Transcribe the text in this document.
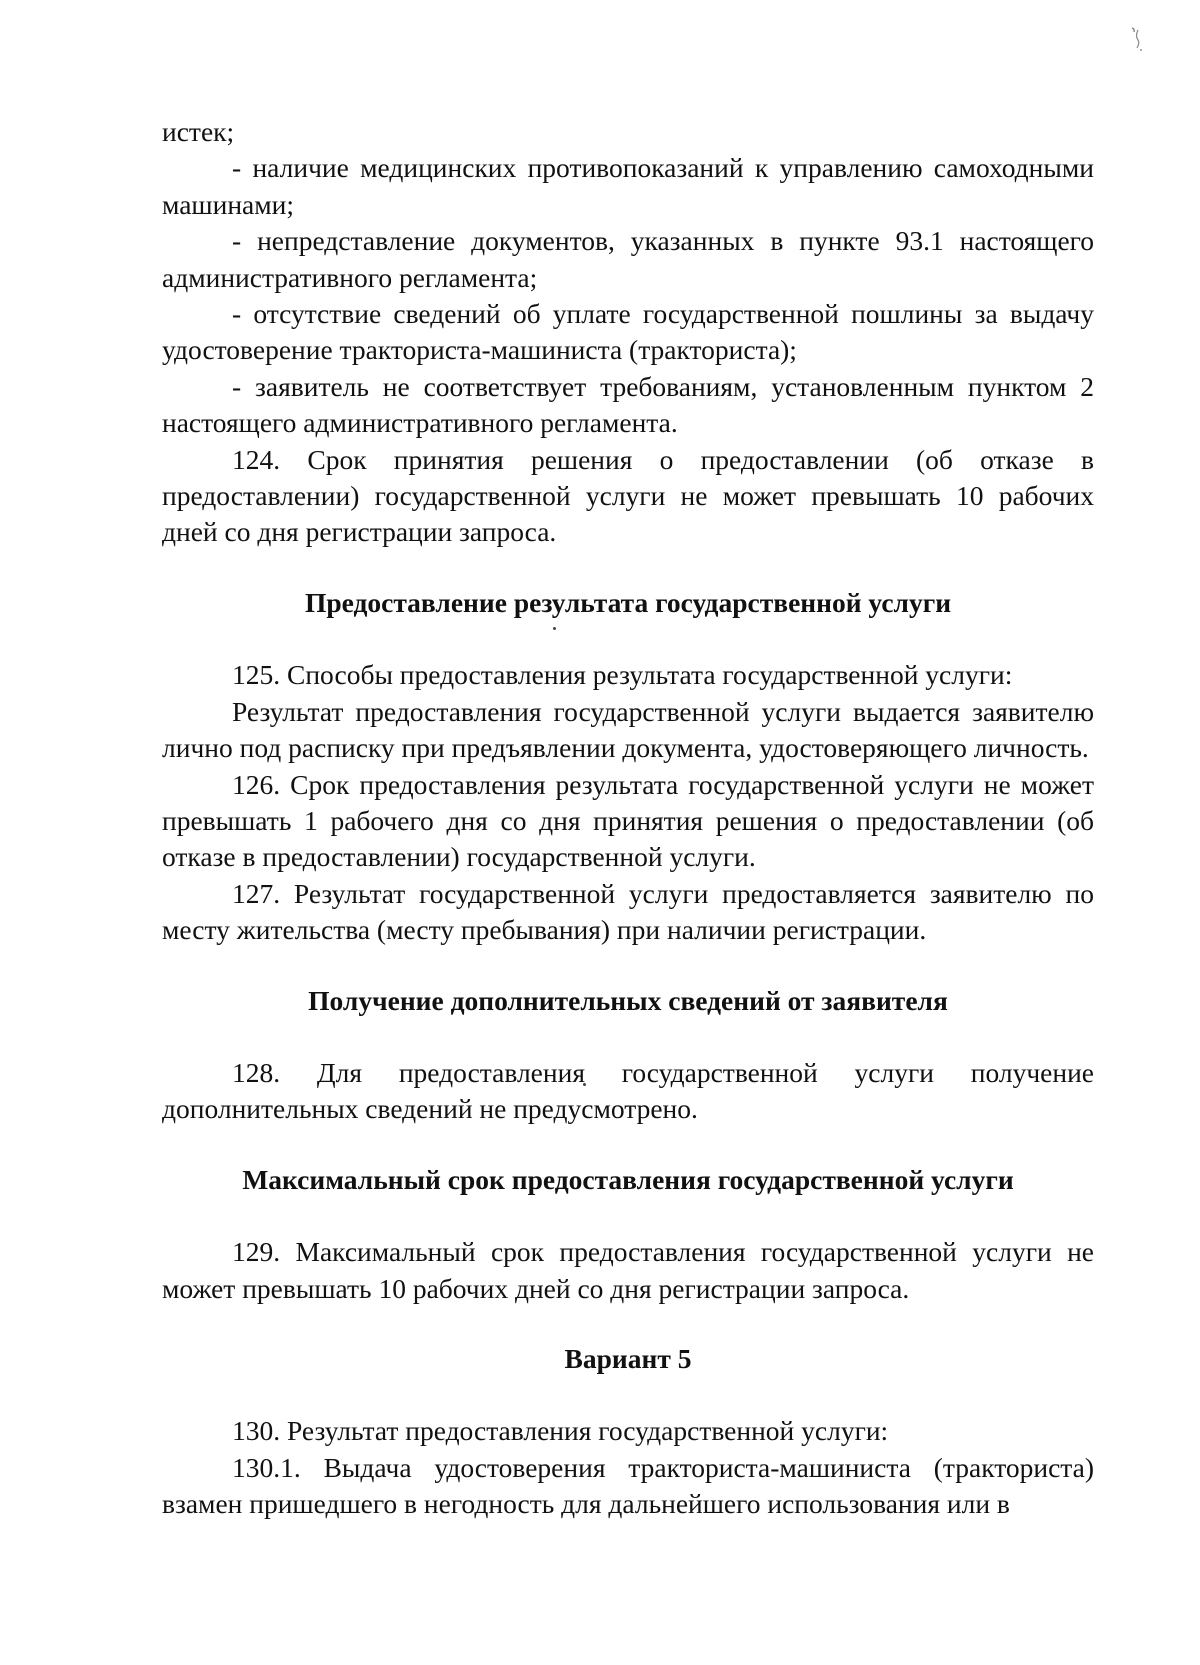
истек;

- наличие медицинских противопоказаний к управлению самоходными машинами;

- непредставление документов, указанных в пункте 93.1 настоящего административного регламента;

- отсутствие сведений об уплате государственной пошлины за выдачу удостоверение тракториста-машиниста (тракториста);

- заявитель не соответствует требованиям, установленным пунктом 2 настоящего административного регламента.

124. Срок принятия решения о предоставлении (об отказе в предоставлении) государственной услуги не может превышать 10 рабочих дней со дня регистрации запроса.

Предоставление результата государственной услуги

125. Способы предоставления результата государственной услуги:

Результат предоставления государственной услуги выдается заявителю лично под расписку при предъявлении документа, удостоверяющего личность.

126. Срок предоставления результата государственной услуги не может превышать 1 рабочего дня со дня принятия решения о предоставлении (об отказе в предоставлении) государственной услуги.

127. Результат государственной услуги предоставляется заявителю по месту жительства (месту пребывания) при наличии регистрации.

Получение дополнительных сведений от заявителя

128. Для предоставления государственной услуги получение дополнительных сведений не предусмотрено.

Максимальный срок предоставления государственной услуги

129. Максимальный срок предоставления государственной услуги не может превышать 10 рабочих дней со дня регистрации запроса.

Вариант 5

130. Результат предоставления государственной услуги:

130.1. Выдача удостоверения тракториста-машиниста (тракториста) взамен пришедшего в негодность для дальнейшего использования или в
